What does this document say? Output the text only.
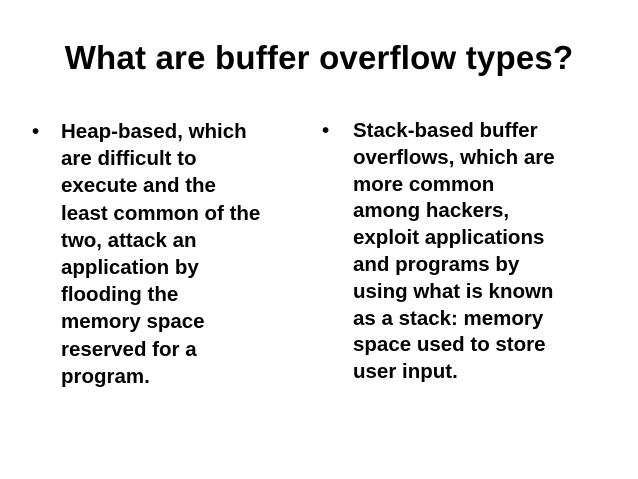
What are buffer overflow types?
• Heap-based, which
are difficult to
execute and the
least common of the
two, attack an
application by
flooding the
memory space
reserved for a
program.
• Stack-based buffer
overflows, which are
more common
among hackers,
exploit applications
and programs by
using what is known
as a stack: memory
space used to store
user input.
